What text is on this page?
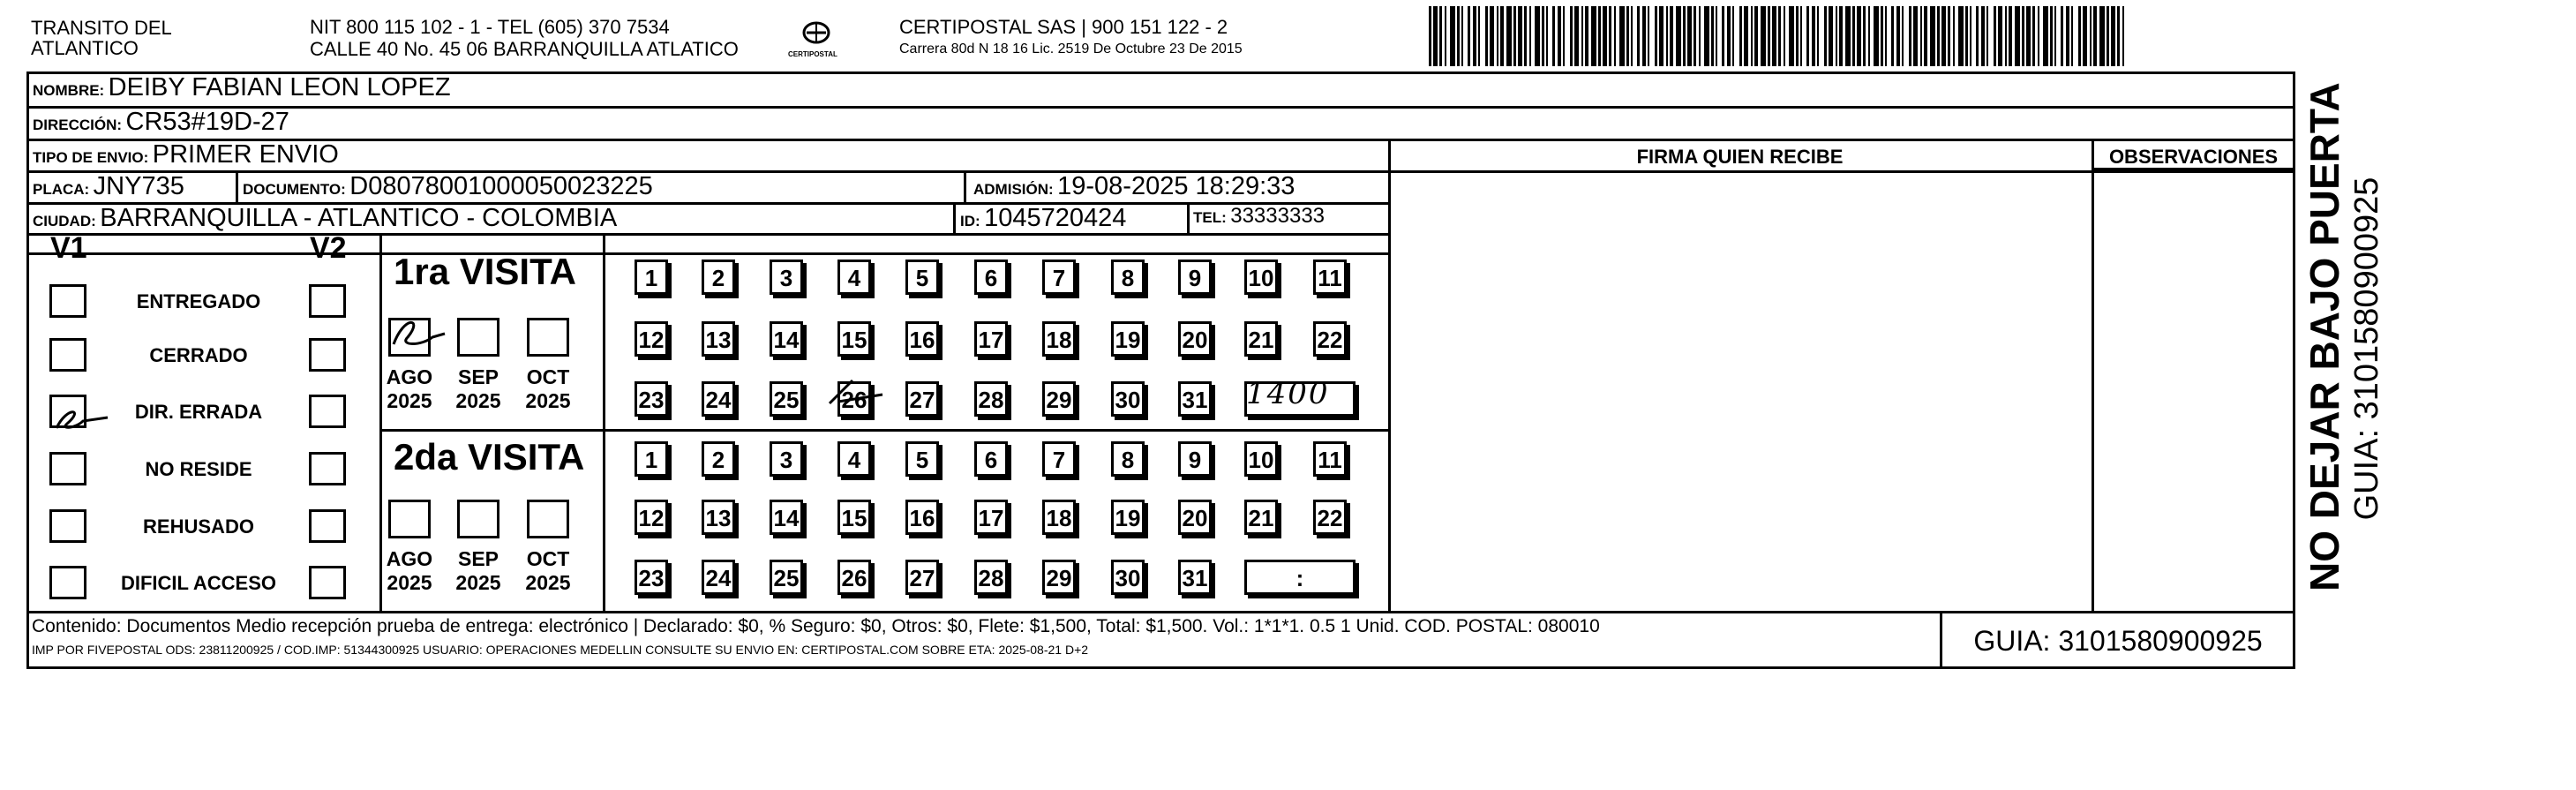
TRANSITO DEL
ATLANTICO
NIT 800 115 102 - 1 - TEL (605) 370 7534
CALLE 40 No. 45 06 BARRANQUILLA ATLATICO	CERTIPOSTAL
CERTIPOSTAL SAS | 900 151 122 - 2
Carrera 80d N 18 16 Lic. 2519 De Octubre 23 De 2015
NOMBRE: DEIBY FABIAN LEON LOPEZ
DIRECCIÓN: CR53#19D-27
TIPO DE ENVIO: PRIMER ENVIO	FIRMA QUIEN RECIBE	OBSERVACIONES
PLACA: JNY735	DOCUMENTO: D08078001000050023225	ADMISIÓN: 19-08-2025 18:29:33
CIUDAD: BARRANQUILLA - ATLANTICO - COLOMBIA	ID: 1045720424	TEL: 33333333
V1	V2
ENTREGADO
CERRADO
DIR. ERRADA
NO RESIDE
REHUSADO
DIFICIL ACCESO
1ra VISITA
2da VISITA
AGO
2025
SEP
2025
OCT
2025
1	2	3	4	5	6	7	8	9	10 11
12 13 14 15 16 17 18 19 20 21 22
23 24 25 26 27 28 29 30 31
AGO
2025
SEP
2025
OCT
2025
1	2	3	4	5	6	7	8	9	10 11
12 13 14 15 16 17 18 19 20 21 22
23 24 25 26 27 28 29 30 31	:
1400
Contenido: Documentos Medio recepción prueba de entrega: electrónico | Declarado: $0, % Seguro: $0, Otros: $0, Flete: $1,500, Total: $1,500. Vol.: 1*1*1. 0.5 1 Unid. COD. POSTAL: 080010
IMP POR FIVEPOSTAL ODS: 23811200925 / COD.IMP: 51344300925 USUARIO: OPERACIONES MEDELLIN CONSULTE SU ENVIO EN: CERTIPOSTAL.COM SOBRE ETA: 2025-08-21 D+2	GUIA: 3101580900925
NO DEJAR BAJO PUERTA GUIA: 3101580900925
